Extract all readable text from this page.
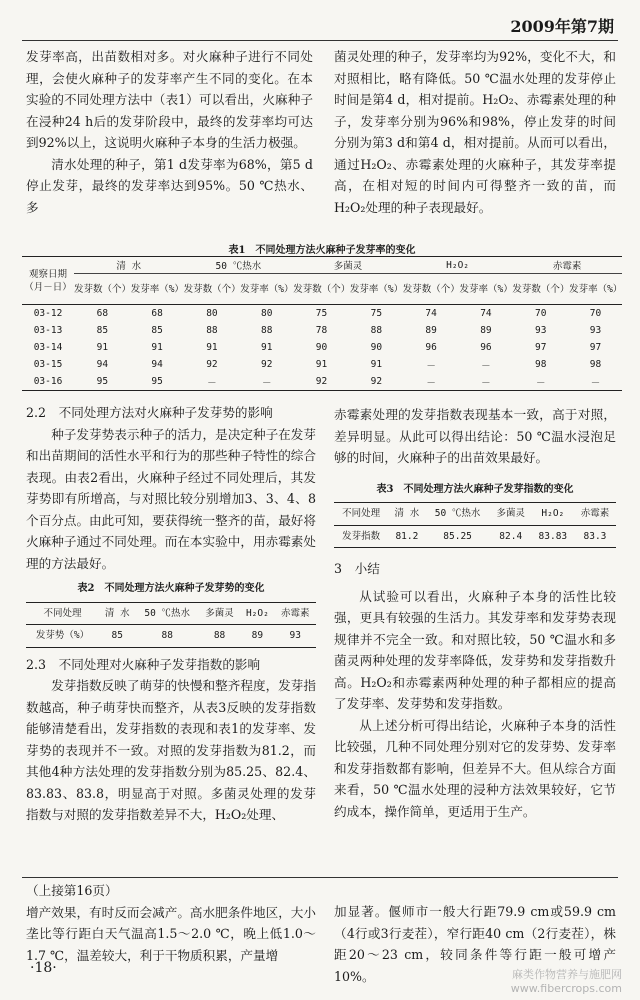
2009年第7期

发芽率高，出苗数相对多。对火麻种子进行不同处理，会使火麻种子的发芽率产生不同的变化。在本实验的不同处理方法中（表1）可以看出，火麻种子在浸种24 h后的发芽阶段中，最终的发芽率均可达到92%以上，这说明火麻种子本身的生活力极强。

清水处理的种子，第1 d发芽率为68%，第5 d停止发芽，最终的发芽率达到95%。50 ℃热水、多

菌灵处理的种子，发芽率均为92%，变化不大，和对照相比，略有降低。50 ℃温水处理的发芽停止时间是第4 d，相对提前。H₂O₂、赤霉素处理的种子，发芽率分别为96%和98%，停止发芽的时间分别为第3 d和第4 d，相对提前。从而可以看出，通过H₂O₂、赤霉素处理的火麻种子，其发芽率提高，在相对短的时间内可得整齐一致的苗，而H₂O₂处理的种子表现最好。

表1　不同处理方法火麻种子发芽率的变化
观察日期（月－日）	清 水		50 ℃热水		多菌灵		H₂O₂		赤霉素	
	发芽数（个）	发芽率（%）	发芽数（个）	发芽率（%）	发芽数（个）	发芽率（%）	发芽数（个）	发芽率（%）	发芽数（个）	发芽率（%）
03-12	68	68	80	80	75	75	74	74	70	70
03-13	85	85	88	88	78	88	89	89	93	93
03-14	91	91	91	91	90	90	96	96	97	97
03-15	94	94	92	92	91	91	－	－	98	98
03-16	95	95	－	－	92	92	－	－	－	－

2.2　不同处理方法对火麻种子发芽势的影响

种子发芽势表示种子的活力，是决定种子在发芽和出苗期间的活性水平和行为的那些种子特性的综合表现。由表2看出，火麻种子经过不同处理后，其发芽势即有所增高，与对照比较分别增加3、3、4、8个百分点。由此可知，要获得统一整齐的苗，最好将火麻种子通过不同处理。而在本实验中，用赤霉素处理的方法最好。

表2　不同处理方法火麻种子发芽势的变化
不同处理	清 水	50 ℃热水	多菌灵	H₂O₂	赤霉素
发芽势（%）	85	88	88	89	93

2.3　不同处理对火麻种子发芽指数的影响

发芽指数反映了萌芽的快慢和整齐程度，发芽指数越高，种子萌芽快而整齐，从表3反映的发芽指数能够清楚看出，发芽指数的表现和表1的发芽率、发芽势的表现并不一致。对照的发芽指数为81.2，而其他4种方法处理的发芽指数分别为85.25、82.4、83.83、83.8，明显高于对照。多菌灵处理的发芽指数与对照的发芽指数差异不大，H₂O₂处理、

赤霉素处理的发芽指数表现基本一致，高于对照，差异明显。从此可以得出结论：50 ℃温水浸泡足够的时间，火麻种子的出苗效果最好。

表3　不同处理方法火麻种子发芽指数的变化
不同处理	清 水	50 ℃热水	多菌灵	H₂O₂	赤霉素
发芽指数	81.2	85.25	82.4	83.83	83.3

3　小结

从试验可以看出，火麻种子本身的活性比较强，更具有较强的生活力。其发芽率和发芽势表现规律并不完全一致。和对照比较，50 ℃温水和多菌灵两种处理的发芽率降低，发芽势和发芽指数升高。H₂O₂和赤霉素两种处理的种子都相应的提高了发芽率、发芽势和发芽指数。

从上述分析可得出结论，火麻种子本身的活性比较强，几种不同处理分别对它的发芽势、发芽率和发芽指数都有影响，但差异不大。但从综合方面来看，50 ℃温水处理的浸种方法效果较好，它节约成本，操作简单，更适用于生产。

（上接第16页）

增产效果，有时反而会减产。高水肥条件地区，大小垄比等行距白天气温高1.5～2.0 ℃，晚上低1.0～1.7 ℃，温差较大，利于干物质积累，产量增

加显著。偃师市一般大行距79.9 cm或59.9 cm（4行或3行麦茬），窄行距40 cm（2行麦茬），株距20～23 cm，较同条件等行距一般可增产10%。

·18·	麻类作物营养与施肥网
www.fibercrops.com
